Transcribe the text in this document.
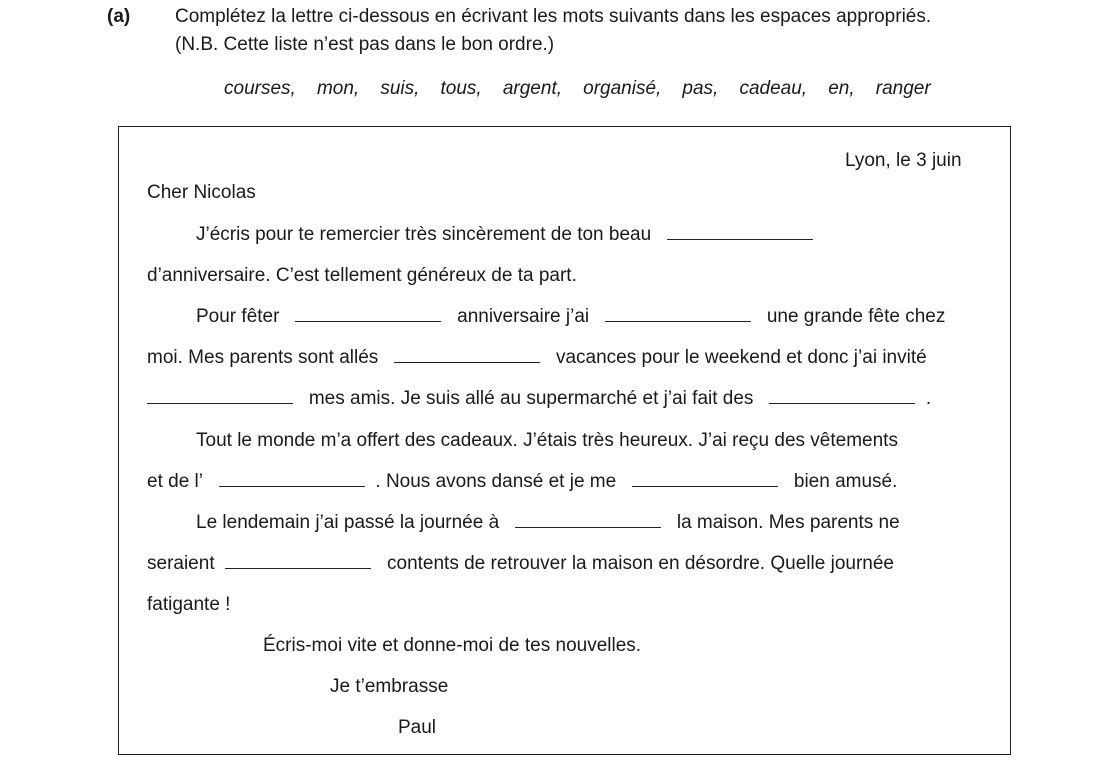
(a) Complétez la lettre ci-dessous en écrivant les mots suivants dans les espaces appropriés.
(N.B. Cette liste n’est pas dans le bon ordre.)
courses, mon, suis, tous, argent, organisé, pas, cadeau, en, ranger
Lyon, le 3 juin
Cher Nicolas
J’écris pour te remercier très sincèrement de ton beau
d’anniversaire. C’est tellement généreux de ta part.
Pour fêter	anniversaire j’ai	une grande fête chez
moi. Mes parents sont allés	vacances pour le weekend et donc j’ai invité
mes amis. Je suis allé au supermarché et j’ai fait des	.
Tout le monde m’a offert des cadeaux. J’étais très heureux. J’ai reçu des vêtements
et de l’	. Nous avons dansé et je me	bien amusé.
Le lendemain j’ai passé la journée à	la maison. Mes parents ne
seraient	contents de retrouver la maison en désordre. Quelle journée
fatigante !
Écris-moi vite et donne-moi de tes nouvelles.
Je t’embrasse
Paul
